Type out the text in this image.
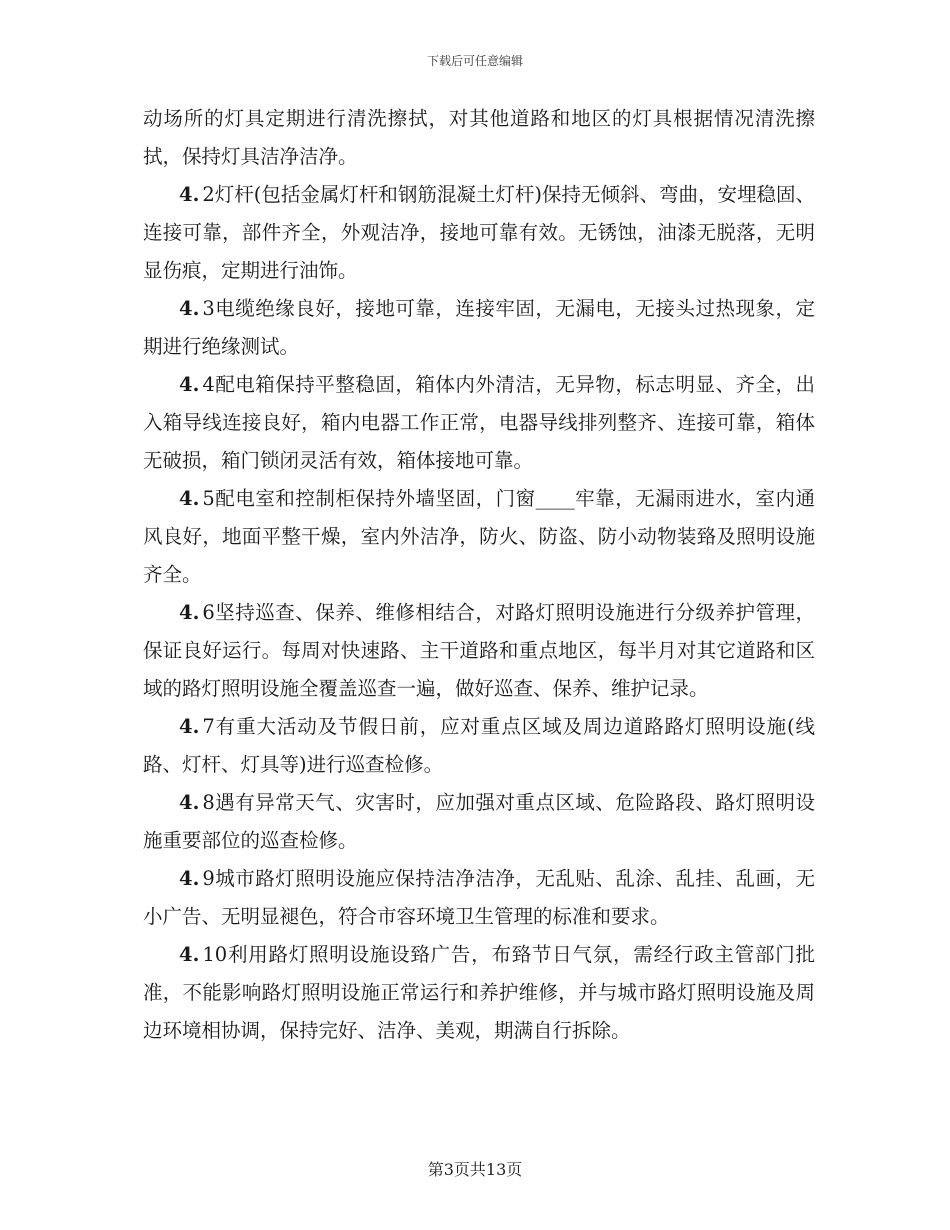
下载后可任意编辑

动场所的灯具定期进行清洗擦拭，对其他道路和地区的灯具根据情况清洗擦拭，保持灯具洁净洁净。

4. 2灯杆(包括金属灯杆和钢筋混凝土灯杆)保持无倾斜、弯曲，安埋稳固、连接可靠，部件齐全，外观洁净，接地可靠有效。无锈蚀，油漆无脱落，无明显伤痕，定期进行油饰。

4. 3电缆绝缘良好，接地可靠，连接牢固，无漏电，无接头过热现象，定期进行绝缘测试。

4. 4配电箱保持平整稳固，箱体内外清洁，无异物，标志明显、齐全，出入箱导线连接良好，箱内电器工作正常，电器导线排列整齐、连接可靠，箱体无破损，箱门锁闭灵活有效，箱体接地可靠。

4. 5配电室和控制柜保持外墙坚固，门窗____牢靠，无漏雨进水，室内通风良好，地面平整干燥，室内外洁净，防火、防盗、防小动物装臵及照明设施齐全。

4. 6坚持巡查、保养、维修相结合，对路灯照明设施进行分级养护管理，保证良好运行。每周对快速路、主干道路和重点地区，每半月对其它道路和区域的路灯照明设施全覆盖巡查一遍，做好巡查、保养、维护记录。

4. 7有重大活动及节假日前，应对重点区域及周边道路路灯照明设施(线路、灯杆、灯具等)进行巡查检修。

4. 8遇有异常天气、灾害时，应加强对重点区域、危险路段、路灯照明设施重要部位的巡查检修。

4. 9城市路灯照明设施应保持洁净洁净，无乱贴、乱涂、乱挂、乱画，无小广告、无明显褪色，符合市容环境卫生管理的标准和要求。

4. 10利用路灯照明设施设臵广告，布臵节日气氛，需经行政主管部门批准，不能影响路灯照明设施正常运行和养护维修，并与城市路灯照明设施及周边环境相协调，保持完好、洁净、美观，期满自行拆除。

第3页共13页
